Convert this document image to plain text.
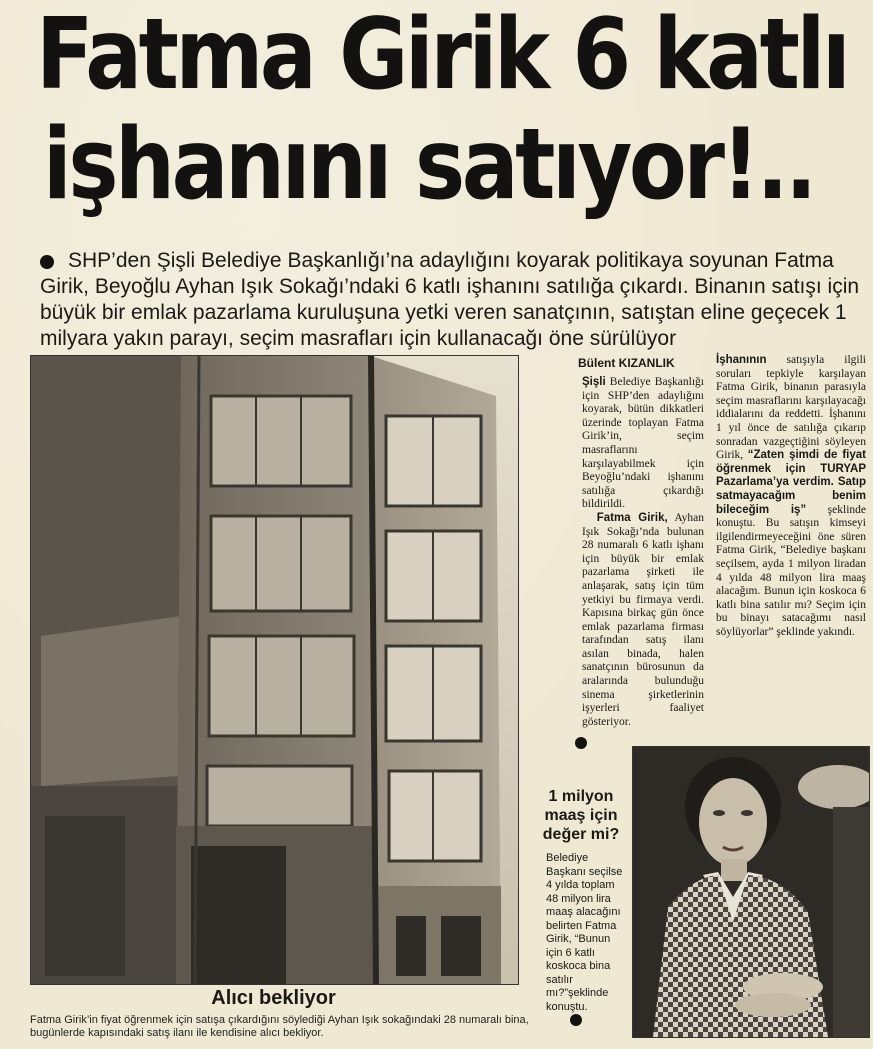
Fatma Girik 6 katlı
işhanını satıyor!..
SHP’den Şişli Belediye Başkanlığı’na adaylığını koyarak politikaya soyunan Fatma Girik, Beyoğlu Ayhan Işık Sokağı’ndaki 6 katlı işhanını satılığa çıkardı. Binanın satışı için büyük bir emlak pazarlama kuruluşuna yetki veren sanatçının, satıştan eline geçecek 1 milyara yakın parayı, seçim masrafları için kullanacağı öne sürülüyor
Alıcı bekliyor
Fatma Girik’in fiyat öğrenmek için satışa çıkardığını söylediği Ayhan Işık sokağındaki 28 numaralı bina, bugünlerde kapısındaki satış ilanı ile kendisine alıcı bekliyor.
Bülent KIZANLIK
Şişli Belediye Başkanlığı için SHP’den adaylığını koyarak, bütün dikkatleri üzerinde toplayan Fatma Girik’in, seçim masraflarını karşılayabilmek için Beyoğlu’ndaki işhanını satılığa çıkardığı bildirildi.
Fatma Girik, Ayhan Işık Sokağı’nda bulunan 28 numaralı 6 katlı işhanı için büyük bir emlak pazarlama şirketi ile anlaşarak, satış için tüm yetkiyi bu firmaya verdi. Kapısına birkaç gün önce emlak pazarlama firması tarafından satış ilanı asılan binada, halen sanatçının bürosunun da aralarında bulunduğu sinema şirketlerinin işyerleri faaliyet gösteriyor.
İşhanının satışıyla ilgili soruları tepkiyle karşılayan Fatma Girik, binanın parasıyla seçim masraflarını karşılayacağı iddialarını da reddetti. İşhanını 1 yıl önce de satılığa çıkarıp sonradan vazgeçtiğini söyleyen Girik, “Zaten şimdi de fiyat öğrenmek için TURYAP Pazarlama’ya verdim. Satıp satmayacağım benim bileceğim iş” şeklinde konuştu. Bu satışın kimseyi ilgilendirmeyeceğini öne süren Fatma Girik, “Belediye başkanı seçilsem, ayda 1 milyon liradan 4 yılda 48 milyon lira maaş alacağım. Bunun için koskoca 6 katlı bina satılır mı? Seçim için bu binayı satacağımı nasıl söylüyorlar” şeklinde yakındı.
1 milyon maaş için değer mi?
Belediye Başkanı seçilse 4 yılda toplam 48 milyon lira maaş alacağını belirten Fatma Girik, “Bunun için 6 katlı koskoca bina satılır mı?”şeklinde konuştu.
